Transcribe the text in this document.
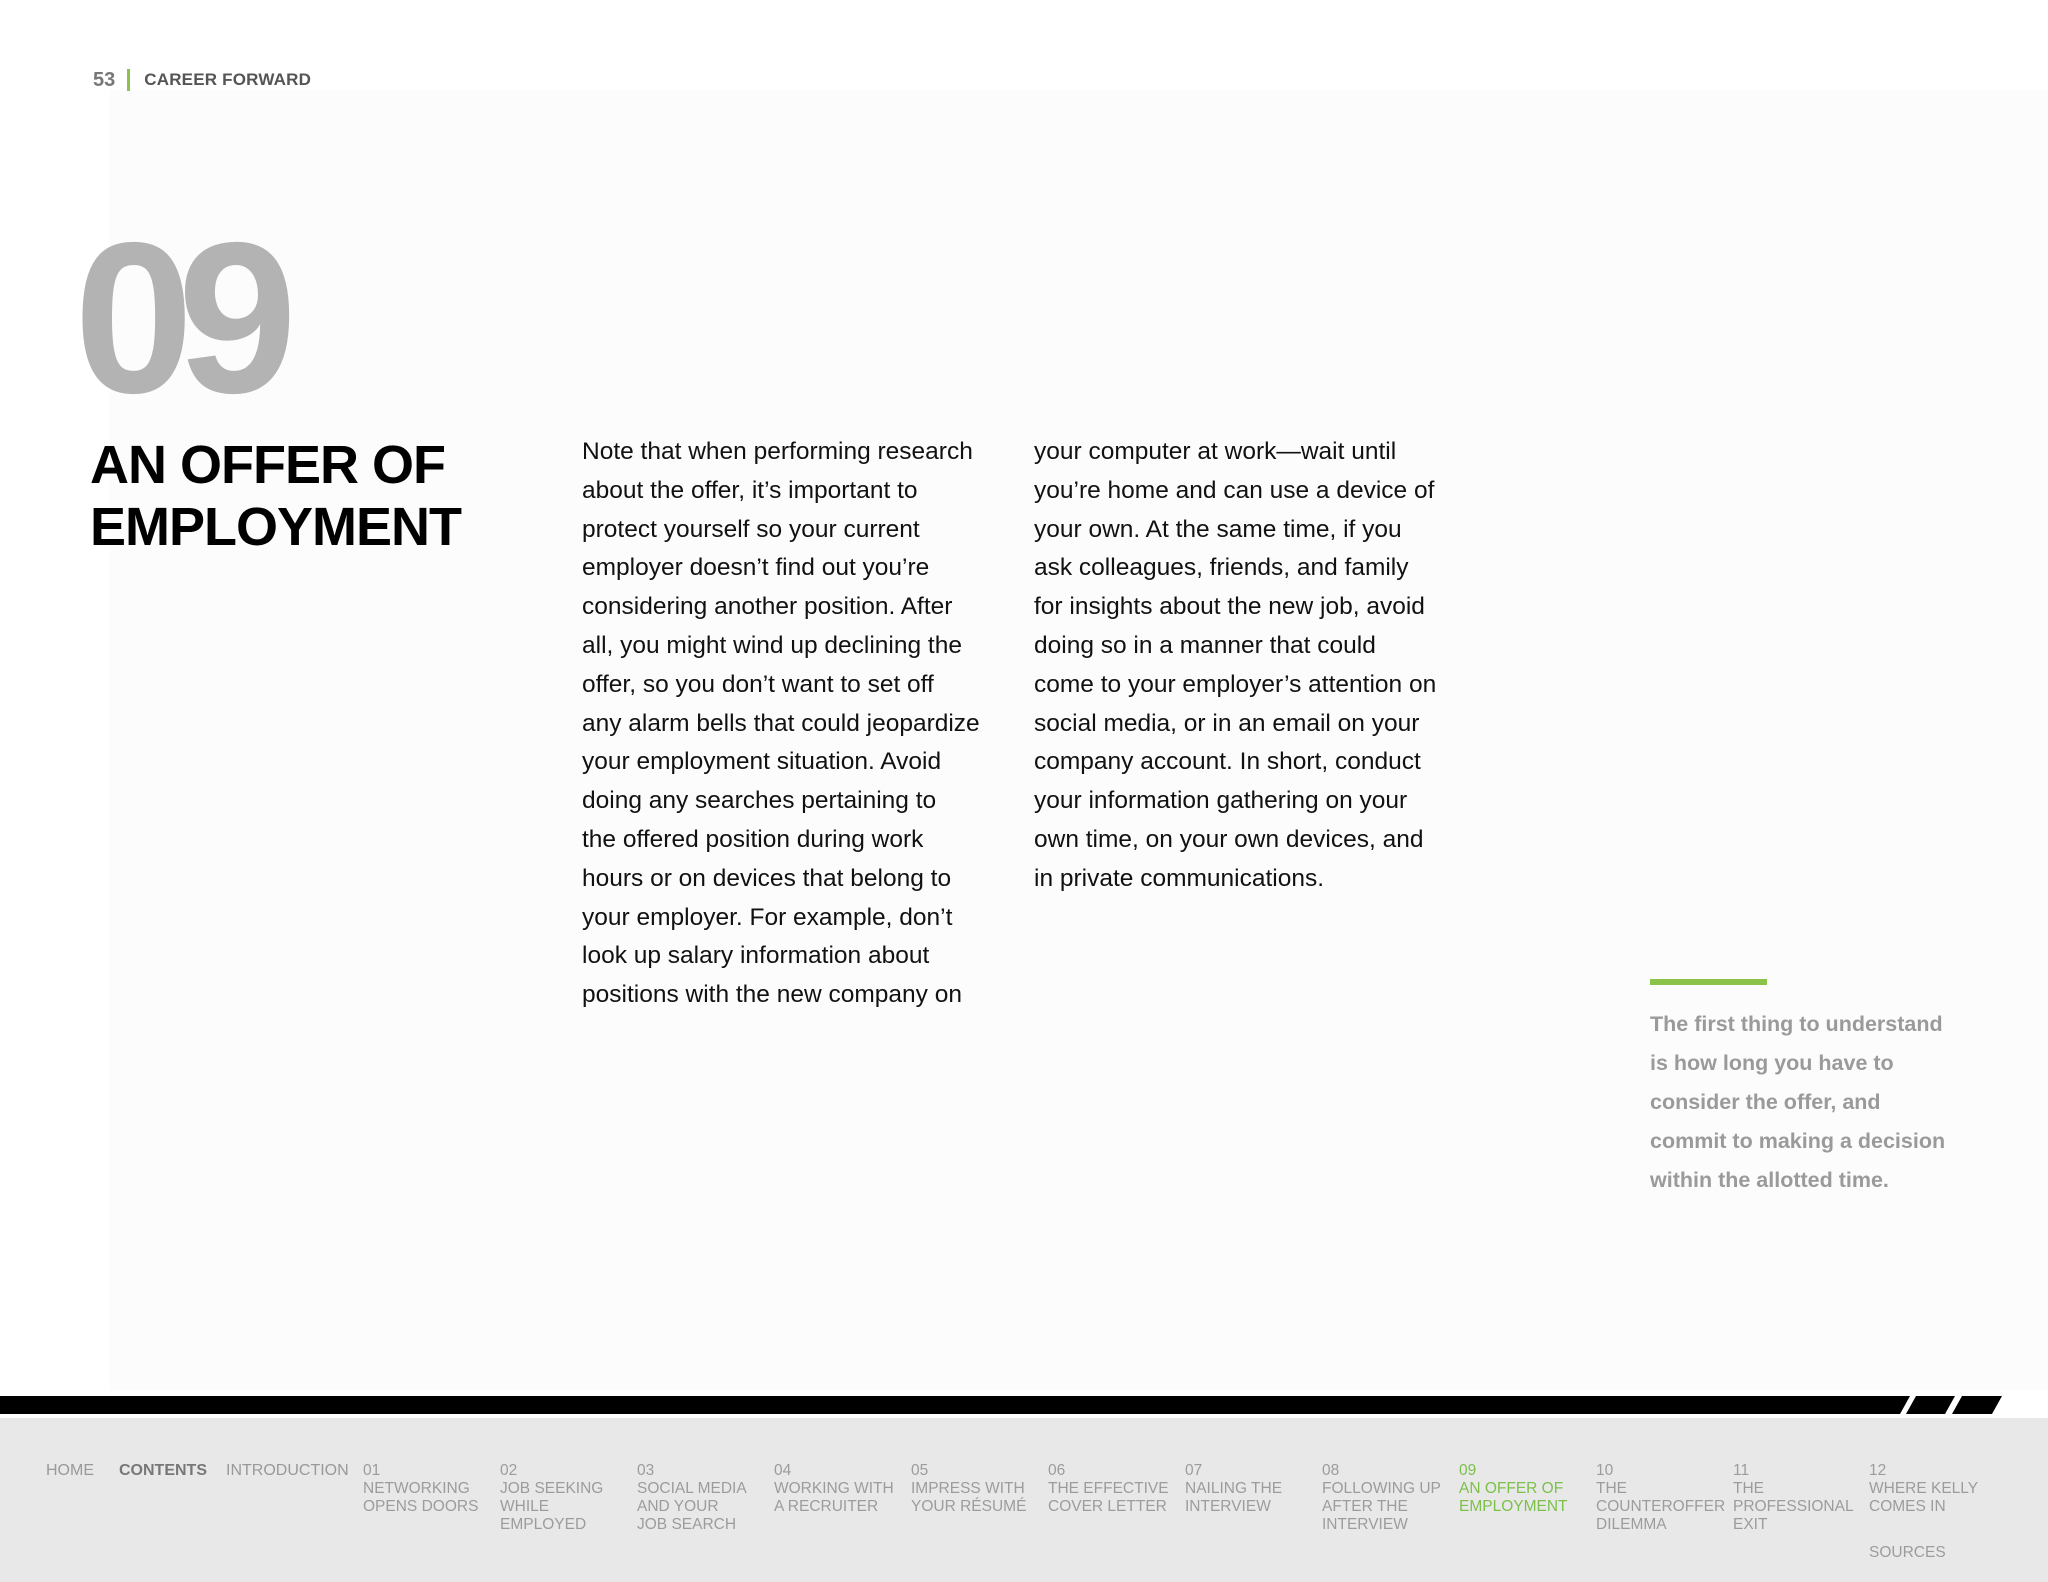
53 CAREER FORWARD
09
AN OFFER OF
EMPLOYMENT
Note that when performing research
about the offer, it’s important to
protect yourself so your current
employer doesn’t find out you’re
considering another position. After
all, you might wind up declining the
offer, so you don’t want to set off
any alarm bells that could jeopardize
your employment situation. Avoid
doing any searches pertaining to
the offered position during work
hours or on devices that belong to
your employer. For example, don’t
look up salary information about
positions with the new company on
your computer at work—wait until
you’re home and can use a device of
your own. At the same time, if you
ask colleagues, friends, and family
for insights about the new job, avoid
doing so in a manner that could
come to your employer’s attention on
social media, or in an email on your
company account. In short, conduct
your information gathering on your
own time, on your own devices, and
in private communications.
The first thing to understand
is how long you have to
consider the offer, and
commit to making a decision
within the allotted time.
HOME CONTENTS INTRODUCTION 01
NETWORKING
OPENS DOORS
02
JOB SEEKING
WHILE EMPLOYED
03
SOCIAL MEDIA
AND YOUR
JOB SEARCH
04
WORKING WITH
A RECRUITER
05
IMPRESS WITH
YOUR RÉSUMÉ
06
THE EFFECTIVE
COVER LETTER
07
NAILING THE
INTERVIEW
08
FOLLOWING UP
AFTER THE
INTERVIEW
09
AN OFFER OF
EMPLOYMENT
10
THE
COUNTEROFFER
DILEMMA
11
THE
PROFESSIONAL
EXIT
12
WHERE KELLY
COMES IN
SOURCES
